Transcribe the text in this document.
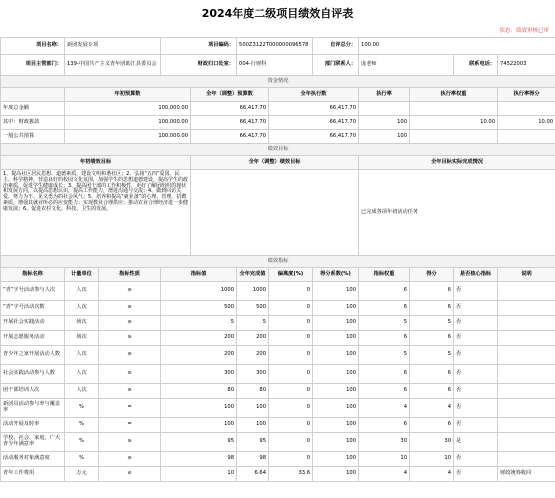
2024年度二级项目绩效自评表
状态：绩效审核已审
项目名称：	新团发展专项		项目编码：		500Z3122T000000096578		自评总分：	100.00			
项目主管部门：	139-中国共产主义青年团助江县委员会		财政归口处室：		004-行财科		部门联系人：	庞老师		联系电话：	74522003
资金情况											
	年初预算数			全年（调整）预算数		全年执行数		执行率	执行率权重		执行率得分
年度总金额	100,000.00			66,417.70		66,417.70					
其中：财政拨款	100,000.00			66,417.70		66,417.70		100	10.00		10.00
一般公共预算	100,000.00			66,417.70		66,417.70		100			
绩效目标											
年初绩效目标				全年（调整）绩效目标				全年目标实际完成情况			
1、提高社区居民思想、道德素质，建设文明和谐社区；2、弘扬“五四”爱国、民主、科学精神，营造良好的校园文化氛围，加强学生的思想道德建设，提高学生的政治素质，促进学生健康成长；3、提高团干部的工作积极性，更好了解团组织的现状和发展方向，以提高思想认识，提高工作能力，增进沟通与交流；4、做到回访关爱，努力为不、见义勇为的社会风气；5、培养和提高“就业备”的心理、管理、招聘素质，增强其就业所必的应变能力；实现教业合理供应；推动农业合理经济进一步健康发展；6、促进农村文化、科技、卫生的发展。								已完成各项年初活动任务			
绩效指标											
指标名称	计量单位	指标性质	指标值		全年完成值	偏离度(%)	得分系数(%)	指标权重	得分	是否核心指标	说明
“青”字号活动参与人次	人次	≥	1000		1000	0	100	6	6	否	
“青”字号活动次数	人次	≥	500		500	0	100	6	6	否	
开展社会实践活动	场次	≥	5		5	0	100	5	5	否	
开展志愿服务活动	场次	≥	200		200	0	100	6	6	否	
青少年之家开展活动人数	人次	≥	200		200	0	100	5	5	否	
社会实践活动参与人数	人次	≥	300		300	0	100	6	6	否	
团干部培训人次	人次	≥	80		80	0	100	6	6	否	
新团员活动参与率与覆盖率	%	=	100		100	0	100	4	4	否	
活动开展及时率	%	=	100		100	0	100	6	6	否	
学校、社会、家庭、广大青少年满意率	%	≥	95		95	0	100	30	30	是	
活动服务对象满意度	%	≥	98		98	0	100	10	10	否	
青年工作费用	万元	≤	10		6.64	33.6	100	4	4	否	财政统筹收回
